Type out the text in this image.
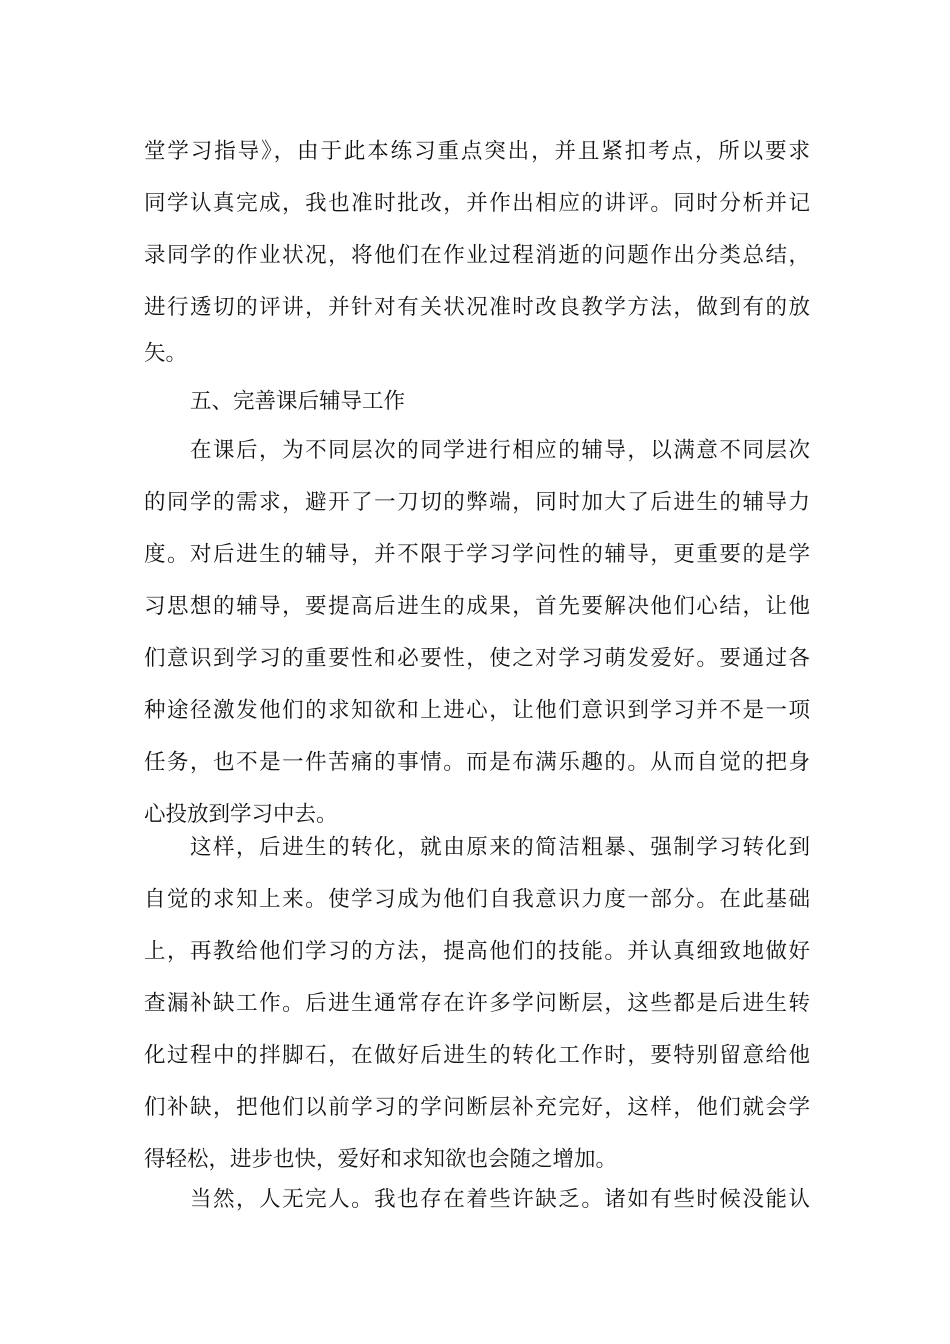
堂学习指导》，由于此本练习重点突出，并且紧扣考点，所以要求
同学认真完成，我也准时批改，并作出相应的讲评。同时分析并记
录同学的作业状况，将他们在作业过程消逝的问题作出分类总结，
进行透切的评讲，并针对有关状况准时改良教学方法，做到有的放
矢。
五、完善课后辅导工作
在课后，为不同层次的同学进行相应的辅导，以满意不同层次
的同学的需求，避开了一刀切的弊端，同时加大了后进生的辅导力
度。对后进生的辅导，并不限于学习学问性的辅导，更重要的是学
习思想的辅导，要提高后进生的成果，首先要解决他们心结，让他
们意识到学习的重要性和必要性，使之对学习萌发爱好。要通过各
种途径激发他们的求知欲和上进心，让他们意识到学习并不是一项
任务，也不是一件苦痛的事情。而是布满乐趣的。从而自觉的把身
心投放到学习中去。
这样，后进生的转化，就由原来的简洁粗暴、强制学习转化到
自觉的求知上来。使学习成为他们自我意识力度一部分。在此基础
上，再教给他们学习的方法，提高他们的技能。并认真细致地做好
查漏补缺工作。后进生通常存在许多学问断层，这些都是后进生转
化过程中的拌脚石，在做好后进生的转化工作时，要特别留意给他
们补缺，把他们以前学习的学问断层补充完好，这样，他们就会学
得轻松，进步也快，爱好和求知欲也会随之增加。
当然，人无完人。我也存在着些许缺乏。诸如有些时候没能认
